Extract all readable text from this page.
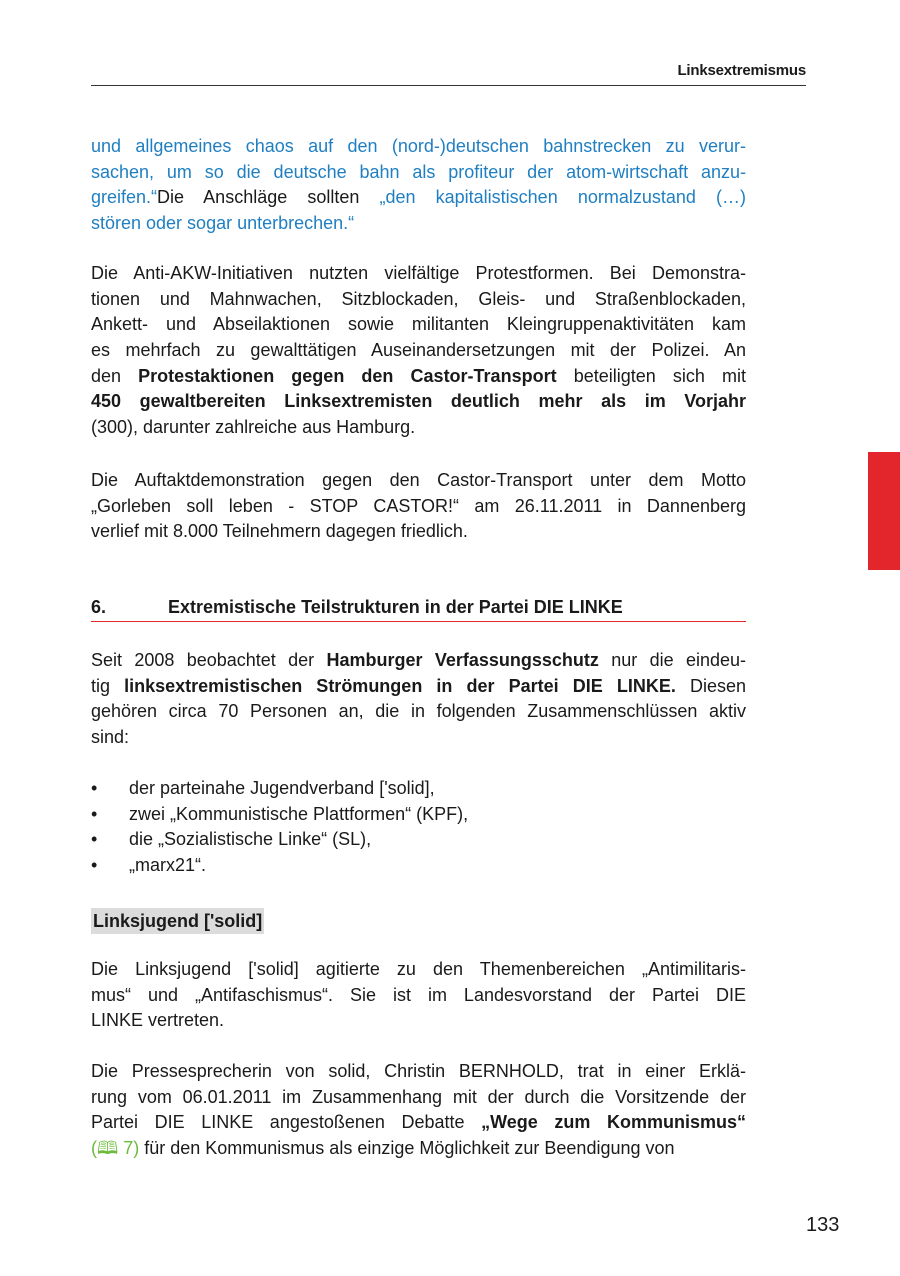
Linksextremismus
und allgemeines chaos auf den (nord-)deutschen bahnstrecken zu verur-
sachen, um so die deutsche bahn als profiteur der atom-wirtschaft anzu-
greifen.“Die Anschläge sollten „den kapitalistischen normalzustand (…)
stören oder sogar unterbrechen.“
Die Anti-AKW-Initiativen nutzten vielfältige Protestformen. Bei Demonstra-
tionen und Mahnwachen, Sitzblockaden, Gleis- und Straßenblockaden,
Ankett- und Abseilaktionen sowie militanten Kleingruppenaktivitäten kam
es mehrfach zu gewalttätigen Auseinandersetzungen mit der Polizei. An
den Protestaktionen gegen den Castor-Transport beteiligten sich mit
450 gewaltbereiten Linksextremisten deutlich mehr als im Vorjahr
(300), darunter zahlreiche aus Hamburg.
Die Auftaktdemonstration gegen den Castor-Transport unter dem Motto
„Gorleben soll leben - STOP CASTOR!“ am 26.11.2011 in Dannenberg
verlief mit 8.000 Teilnehmern dagegen friedlich.
6.	Extremistische Teilstrukturen in der Partei DIE LINKE
Seit 2008 beobachtet der Hamburger Verfassungsschutz nur die eindeu-
tig linksextremistischen Strömungen in der Partei DIE LINKE. Diesen
gehören circa 70 Personen an, die in folgenden Zusammenschlüssen aktiv
sind:
• der parteinahe Jugendverband ['solid],
• zwei „Kommunistische Plattformen“ (KPF),
• die „Sozialistische Linke“ (SL),
• „marx21“.
Linksjugend ['solid]
Die Linksjugend ['solid] agitierte zu den Themenbereichen „Antimilitaris-
mus“ und „Antifaschismus“. Sie ist im Landesvorstand der Partei DIE
LINKE vertreten.
Die Pressesprecherin von solid, Christin BERNHOLD, trat in einer Erklä-
rung vom 06.01.2011 im Zusammenhang mit der durch die Vorsitzende der
Partei DIE LINKE angestoßenen Debatte „Wege zum Kommunismus“
(🕮 7) für den Kommunismus als einzige Möglichkeit zur Beendigung von
133
